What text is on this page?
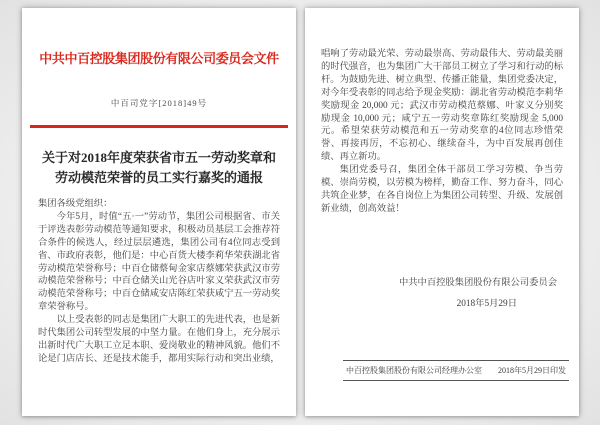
中共中百控股集团股份有限公司委员会文件
中百司党字[2018]49号
关于对2018年度荣获省市五一劳动奖章和
劳动模范荣誉的员工实行嘉奖的通报

集团各级党组织：

今年5月，时值“五·一”劳动节，集团公司根据省、市关于评选表彰劳动模范等通知要求，积极动员基层工会推荐符合条件的候选人，经过层层遴选，集团公司有4位同志受到省、市政府表彰，他们是：中心百货大楼李莉华荣获湖北省劳动模范荣誉称号；中百仓储蔡甸金家店蔡娜荣获武汉市劳动模范荣誉称号；中百仓储关山光谷店叶家义荣获武汉市劳动模范荣誉称号；中百仓储咸安店陈红荣获咸宁五一劳动奖章荣誉称号。

以上受表彰的同志是集团广大职工的先进代表，也是新时代集团公司转型发展的中坚力量。在他们身上，充分展示出新时代广大职工立足本职、爱岗敬业的精神风貌。他们不论是门店店长、还是技术能手，都用实际行动和突出业绩，

唱响了劳动最光荣、劳动最崇高、劳动最伟大、劳动最美丽的时代强音，也为集团广大干部员工树立了学习和行动的标杆。为鼓励先进、树立典型、传播正能量，集团党委决定，对今年受表彰的同志给予现金奖励：湖北省劳动模范李莉华奖励现金 20,000 元；武汉市劳动模范蔡娜、叶家义分别奖励现金 10,000 元；咸宁五一劳动奖章陈红奖励现金 5,000 元。希望荣获劳动模范和五一劳动奖章的4位同志珍惜荣誉、再接再厉，不忘初心、继续奋斗，为中百发展再创佳绩、再立新功。

集团党委号召，集团全体干部员工学习劳模、争当劳模、崇尚劳模，以劳模为榜样，勤奋工作、努力奋斗，同心共筑企业梦，在各自岗位上为集团公司转型、升级、发展创新业绩，创高效益！

中共中百控股集团股份有限公司委员会
2018年5月29日
中百控股集团股份有限公司经理办公室 2018年5月29日印发
